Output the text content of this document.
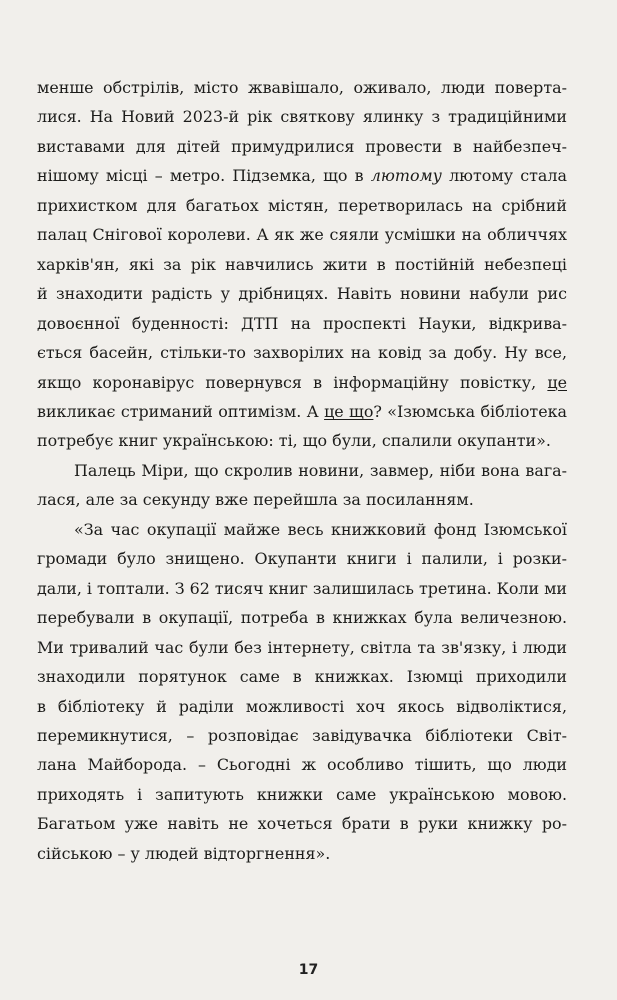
менше обстрілів, місто жвавішало, оживало, люди поверта-
лися. На Новий 2023-й рік святкову ялинку з традиційними
виставами для дітей примудрилися провести в найбезпеч-
нішому місці – метро. Підземка, що в лютому лютому стала
прихистком для багатьох містян, перетворилась на срібний
палац Снігової королеви. А як же сяяли усмішки на обличчях
харків'ян, які за рік навчились жити в постійній небезпеці
й знаходити радість у дрібницях. Навіть новини набули рис
довоєнної буденності: ДТП на проспекті Науки, відкрива-
ється басейн, стільки-то захворілих на ковід за добу. Ну все,
якщо коронавірус повернувся в інформаційну повістку, це
викликає стриманий оптимізм. А це що? «Ізюмська бібліотека
потребує книг українською: ті, що були, спалили окупанти».
Палець Міри, що скролив новини, завмер, ніби вона вага-
лася, але за секунду вже перейшла за посиланням.
«За час окупації майже весь книжковий фонд Ізюмської
громади було знищено. Окупанти книги і палили, і розки-
дали, і топтали. З 62 тисяч книг залишилась третина. Коли ми
перебували в окупації, потреба в книжках була величезною.
Ми тривалий час були без інтернету, світла та зв'язку, і люди
знаходили порятунок саме в книжках. Ізюмці приходили
в бібліотеку й раділи можливості хоч якось відволіктися,
перемикнутися, – розповідає завідувачка бібліотеки Світ-
лана Майборода. – Сьогодні ж особливо тішить, що люди
приходять і запитують книжки саме українською мовою.
Багатьом уже навіть не хочеться брати в руки книжку ро-
сійською – у людей відторгнення».
17
